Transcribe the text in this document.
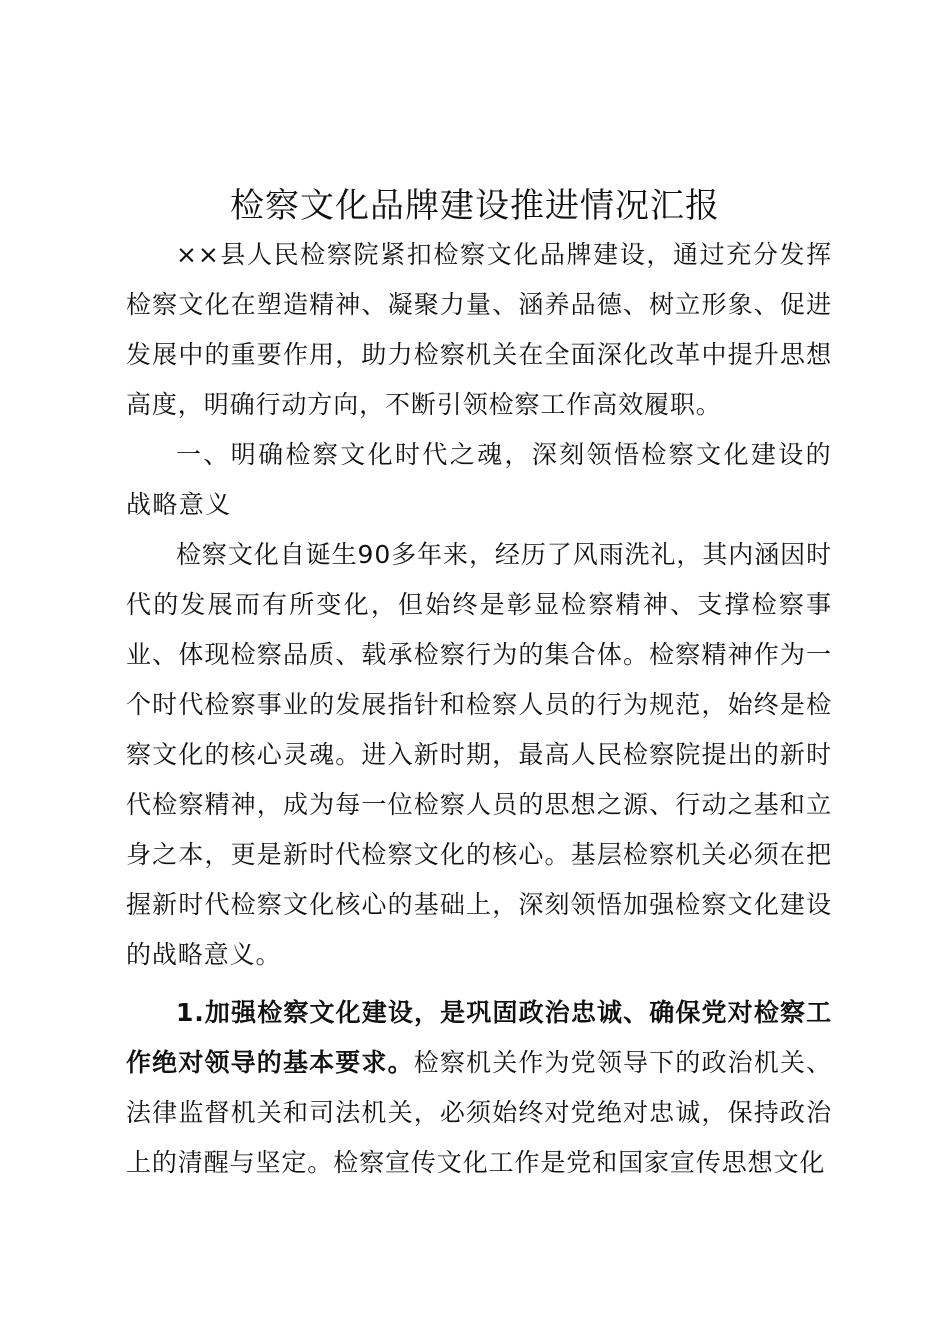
检察文化品牌建设推进情况汇报

××县人民检察院紧扣检察文化品牌建设，通过充分发挥检察文化在塑造精神、凝聚力量、涵养品德、树立形象、促进发展中的重要作用，助力检察机关在全面深化改革中提升思想高度，明确行动方向，不断引领检察工作高效履职。

一、明确检察文化时代之魂，深刻领悟检察文化建设的战略意义

检察文化自诞生90多年来，经历了风雨洗礼，其内涵因时代的发展而有所变化，但始终是彰显检察精神、支撑检察事业、体现检察品质、载承检察行为的集合体。检察精神作为一个时代检察事业的发展指针和检察人员的行为规范，始终是检察文化的核心灵魂。进入新时期，最高人民检察院提出的新时代检察精神，成为每一位检察人员的思想之源、行动之基和立身之本，更是新时代检察文化的核心。基层检察机关必须在把握新时代检察文化核心的基础上，深刻领悟加强检察文化建设的战略意义。

1.加强检察文化建设，是巩固政治忠诚、确保党对检察工作绝对领导的基本要求。检察机关作为党领导下的政治机关、法律监督机关和司法机关，必须始终对党绝对忠诚，保持政治上的清醒与坚定。检察宣传文化工作是党和国家宣传思想文化
